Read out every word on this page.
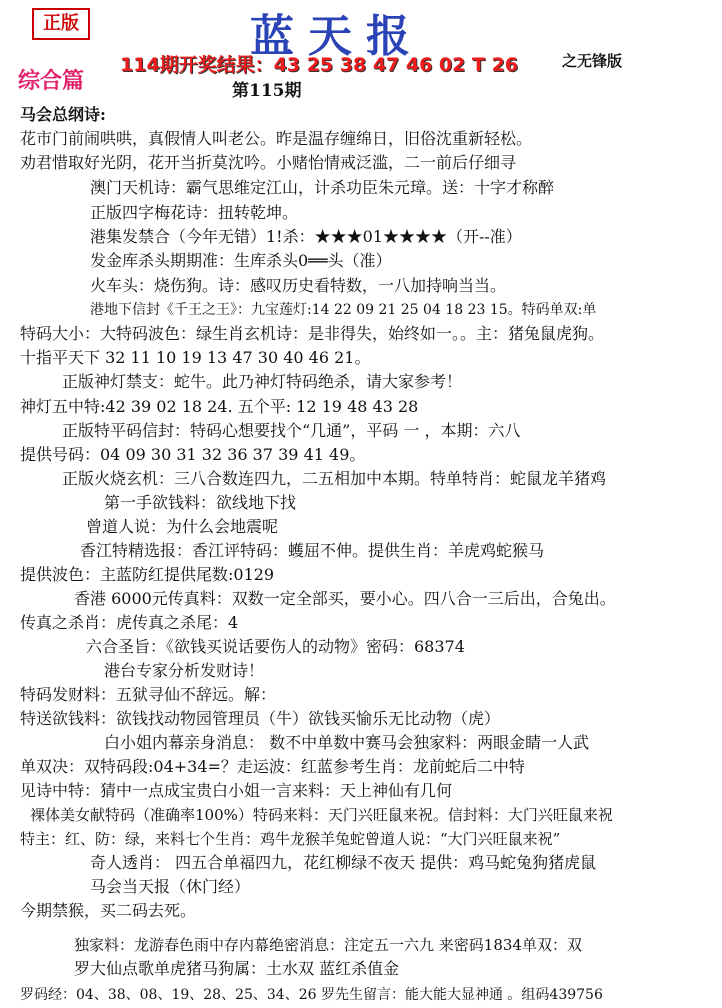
正版	蓝天报
114期开奖结果：43 25 38 47 46 02 T 26	之无锋版
综合篇	第115期
马会总纲诗:
花市门前闹哄哄，真假情人叫老公。昨是温存缠绵日，旧俗沈重新轻松。
劝君惜取好光阴，花开当折莫沈吟。小赌怡情戒泛滥，二一前后仔细寻
澳门天机诗：霸气思维定江山，计杀功臣朱元璋。送：十字才称醉
正版四字梅花诗：扭转乾坤。
港集发禁合（今年无错）1!杀：★★★01★★★★（开--准）
发金库杀头期期准：生库杀头0══头（准）
火车头：烧伤狗。诗：感叹历史看特数，一八加持响当当。
港地下信封《千王之王》：九宝莲灯:14 22 09 21 25 04 18 23 15。特码单双:单
特码大小：大特码波色：绿生肖玄机诗：是非得失，始终如一。。主：猪兔鼠虎狗。
十指平天下 32 11 10 19 13 47 30 40 46 21。
正版神灯禁支：蛇牛。此乃神灯特码绝杀，请大家参考！
神灯五中特:42 39 02 18 24. 五个平: 12 19 48 43 28
正版特平码信封：特码心想要找个“几通”，平码 一 ，本期：六八
提供号码：04 09 30 31 32 36 37 39 41 49。
正版火烧玄机：三八合数连四九，二五相加中本期。特单特肖：蛇鼠龙羊猪鸡
第一手欲钱料：欲线地下找
曾道人说：为什么会地震呢
香江特精选报：香江评特码：蠖屈不伸。提供生肖：羊虎鸡蛇猴马
提供波色：主蓝防红提供尾数:0129
香港 6000元传真料：双数一定全部买，要小心。四八合一三后出，合兔出。
传真之杀肖：虎传真之杀尾：4
六合圣旨：《欲钱买说话要伤人的动物》密码：68374
港台专家分析发财诗！
特码发财料：五狱寻仙不辞远。解：
特送欲钱料：欲钱找动物园管理员（牛）欲钱买愉乐无比动物（虎）
白小姐内幕亲身消息： 数不中单数中赛马会独家料：两眼金睛一人武
单双决：双特码段:04+34=？走运波：红蓝参考生肖：龙前蛇后二中特
见诗中特：猜中一点成宝贵白小姐一言来料：天上神仙有几何
裸体美女献特码（准确率100%）特码来料：天门兴旺鼠来祝。信封料：大门兴旺鼠来祝
特主：红、防：绿，来料七个生肖：鸡牛龙猴羊兔蛇曾道人说：“大门兴旺鼠来祝”
奇人透肖： 四五合单福四九，花红柳绿不夜天 提供：鸡马蛇兔狗猪虎鼠
马会当天报（休门经）
今期禁猴，买二码去死。
独家料：龙游春色雨中存内幕绝密消息：注定五一六九 来密码1834单双：双
罗大仙点歌单虎猪马狗属：土水双 蓝红杀值金
罗码经：04、38、08、19、28、25、34、26 罗先生留言：能大能大显神通 。组码439756
